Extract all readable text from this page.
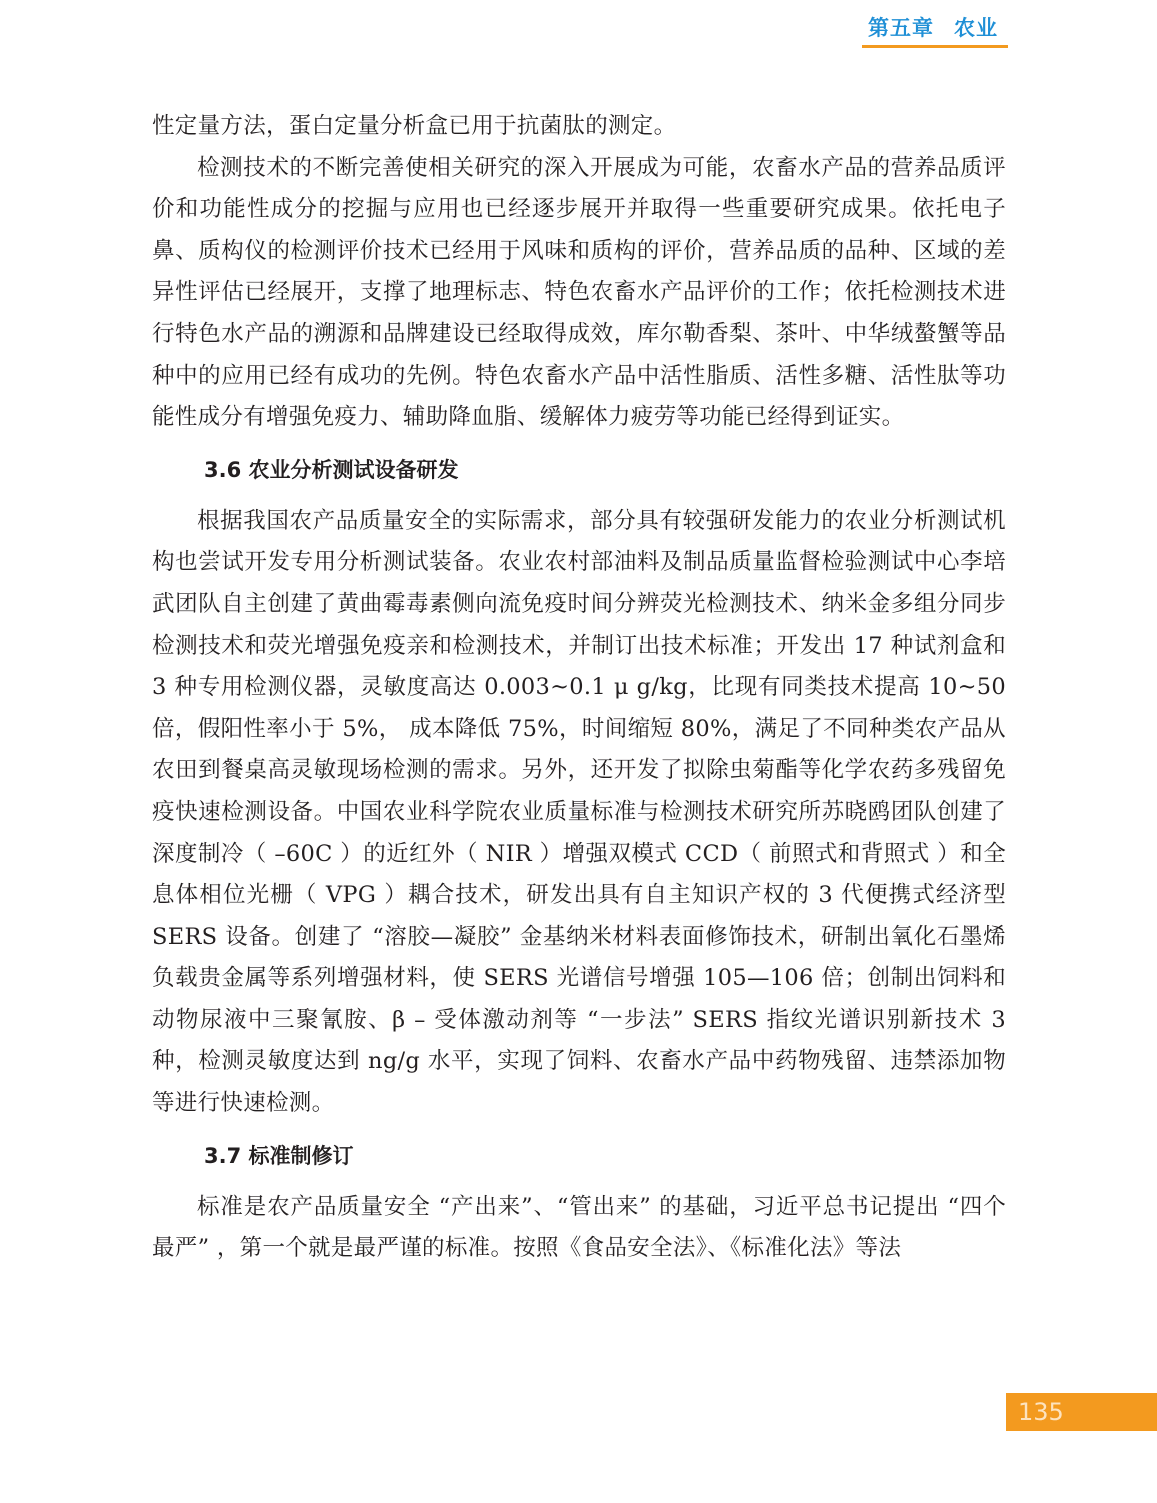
第五章 农业

性定量方法，蛋白定量分析盒已用于抗菌肽的测定。

检测技术的不断完善使相关研究的深入开展成为可能，农畜水产品的营养品质评价和功能性成分的挖掘与应用也已经逐步展开并取得一些重要研究成果。依托电子鼻、质构仪的检测评价技术已经用于风味和质构的评价，营养品质的品种、区域的差异性评估已经展开，支撑了地理标志、特色农畜水产品评价的工作；依托检测技术进行特色水产品的溯源和品牌建设已经取得成效，库尔勒香梨、茶叶、中华绒螯蟹等品种中的应用已经有成功的先例。特色农畜水产品中活性脂质、活性多糖、活性肽等功能性成分有增强免疫力、辅助降血脂、缓解体力疲劳等功能已经得到证实。

3.6 农业分析测试设备研发

根据我国农产品质量安全的实际需求，部分具有较强研发能力的农业分析测试机构也尝试开发专用分析测试装备。农业农村部油料及制品质量监督检验测试中心李培武团队自主创建了黄曲霉毒素侧向流免疫时间分辨荧光检测技术、纳米金多组分同步检测技术和荧光增强免疫亲和检测技术，并制订出技术标准；开发出 17 种试剂盒和 3 种专用检测仪器，灵敏度高达 0.003~0.1 μ g/kg，比现有同类技术提高 10~50 倍，假阳性率小于 5%， 成本降低 75%，时间缩短 80%，满足了不同种类农产品从农田到餐桌高灵敏现场检测的需求。另外，还开发了拟除虫菊酯等化学农药多残留免疫快速检测设备。中国农业科学院农业质量标准与检测技术研究所苏晓鸥团队创建了深度制冷（ –60C ）的近红外（ NIR ）增强双模式 CCD（ 前照式和背照式 ）和全息体相位光栅（ VPG ）耦合技术，研发出具有自主知识产权的 3 代便携式经济型 SERS 设备。创建了 “溶胶—凝胶” 金基纳米材料表面修饰技术，研制出氧化石墨烯负载贵金属等系列增强材料，使 SERS 光谱信号增强 105—106 倍；创制出饲料和动物尿液中三聚氰胺、β – 受体激动剂等 “一步法” SERS 指纹光谱识别新技术 3 种，检测灵敏度达到 ng/g 水平，实现了饲料、农畜水产品中药物残留、违禁添加物等进行快速检测。

3.7 标准制修订

标准是农产品质量安全 “产出来”、“管出来” 的基础，习近平总书记提出 “四个最严” ，第一个就是最严谨的标准。按照《食品安全法》、《标准化法》等法

135
